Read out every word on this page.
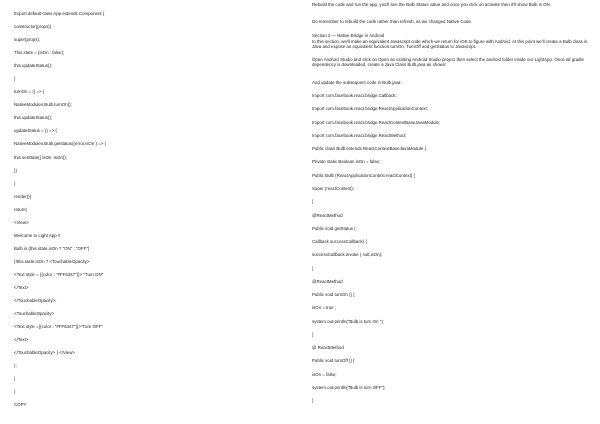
Export default class App extends Component {
constructor(props){
super(props);
This.state = {isOn : false};
this.updateStatus();
}
turnOn = () => {
NativeModules.Bulb.turnOn();
this.updateStatus();
updateStatus = () => {
NativeModules.Bulb.getstatus((error,isOn ) => {
this.setState({ isOn: isOn});
})
}
render(){
return(
<View>
Welcome to Light App !!
Bulb is {this.state.isOn ? "ON" : "OFF"}
{!this.state.isOn ? <TouchableOpacity>
<Text style = {{color : "#FF6347"}}> "Turn ON"
</Text>
</TouchableOpacity>:
<TouchableOpacity>
<Text style ={{color : "#FF6347"}}>"Turn OFF"
</Text>
</TouchableOpacity> } </View>
);
}
}
COPY
Rebuild the code and run the app, you'll see the Bulb Status value and once you click on activate then it'll show Bulb is ON
Do remember to rebuild the code rather than refresh, as we changed Native Code.
Section 2 — Native Bridge in Android
In this section, we'll make an equivalent Javascript code which we return for iOS to figure with Android. At this point we'll create a Bulb class in Java and expose an equivalent function turnOn, TurnOff and getStatus to Javascript.
Open Android Studio and click on Open an existing Android Studio project then select the android folder inside our LightApp. Once all gradle dependency is downloaded, create a Java Class Bulb.java as shown:
And update the subsequent code in Bulb.java:
Import com.facebook.react.bridge.Callback;
Import com.facebook.react.bridge.ReactApplicationContext;
Import com.facebook.react.bridge.ReactContextBaseJavaModule;
Import com.facebook.react.bridge.ReactMethod;
Public class Bulb extends ReactContextBaseJavaModule {
Private static Boolean isOn = false;
Public Bulb (ReactApplicationContext reactContext) {
Super (reactContext);
}
@ReactMethod
Public void getStatus (
Callback successCallback) {
successCallback.invoke ( null,isOn);
}
@ReactMethod
Public void turnOn () {
isOn = true ;
system.out.println("Bulb is turn On ");
}
@ ReactMethod
Public void turnOff () {
isOn = false;
system.out.println("Bulb is turn OFF");
}
